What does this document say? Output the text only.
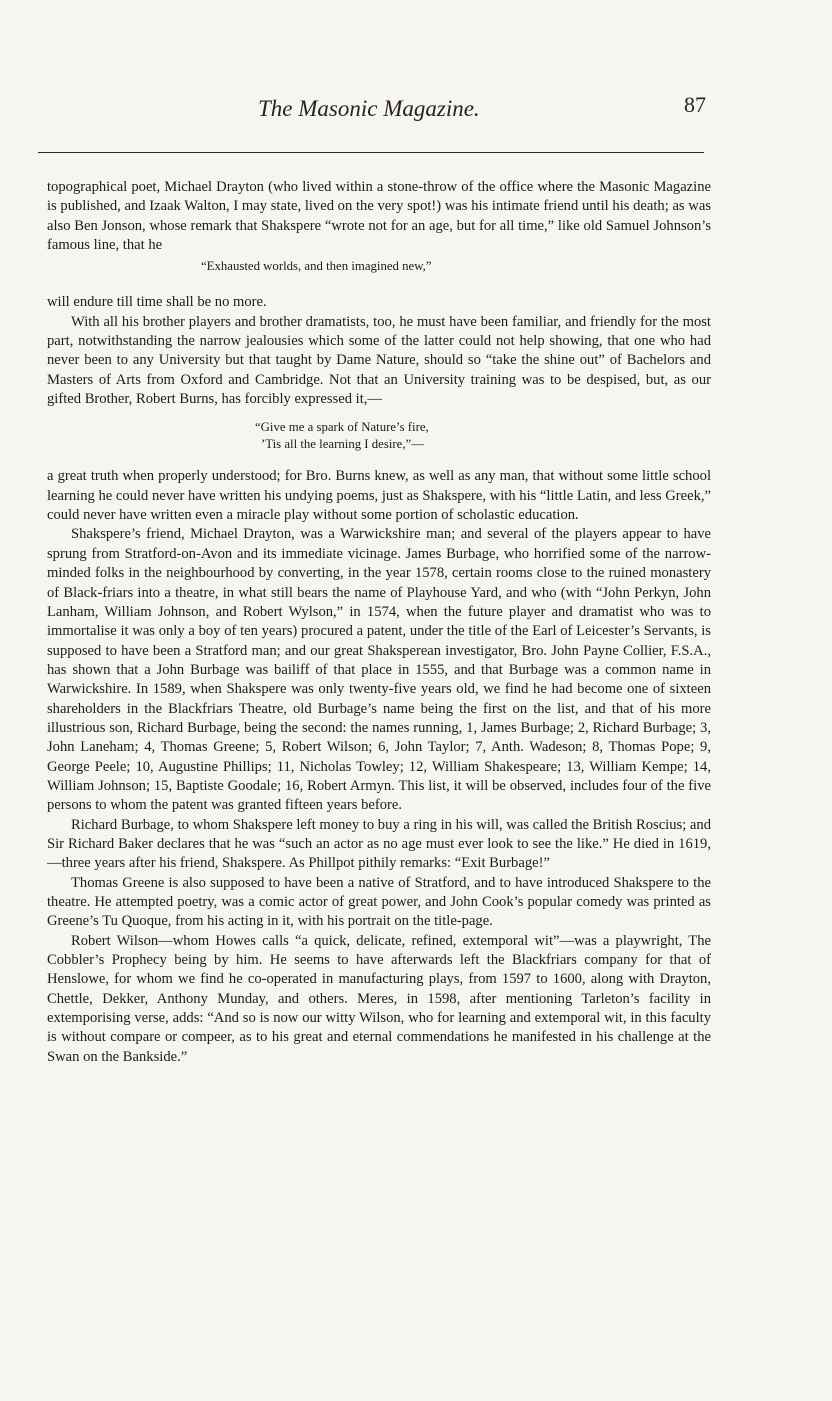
The Masonic Magazine.	87

topographical poet, Michael Drayton (who lived within a stone-throw of the office where the Masonic Magazine is published, and Izaak Walton, I may state, lived on the very spot!) was his intimate friend until his death; as was also Ben Jonson, whose remark that Shakspere “wrote not for an age, but for all time,” like old Samuel Johnson’s famous line, that he

“Exhausted worlds, and then imagined new,”

will endure till time shall be no more.

With all his brother players and brother dramatists, too, he must have been familiar, and friendly for the most part, notwithstanding the narrow jealousies which some of the latter could not help showing, that one who had never been to any University but that taught by Dame Nature, should so “take the shine out” of Bachelors and Masters of Arts from Oxford and Cambridge. Not that an University training was to be despised, but, as our gifted Brother, Robert Burns, has forcibly expressed it,—

“Give me a spark of Nature’s fire,
’Tis all the learning I desire,”—

a great truth when properly understood; for Bro. Burns knew, as well as any man, that without some little school learning he could never have written his undying poems, just as Shakspere, with his “little Latin, and less Greek,” could never have written even a miracle play without some portion of scholastic education.

Shakspere’s friend, Michael Drayton, was a Warwickshire man; and several of the players appear to have sprung from Stratford-on-Avon and its immediate vicinage. James Burbage, who horrified some of the narrow-minded folks in the neighbourhood by converting, in the year 1578, certain rooms close to the ruined monastery of Black-friars into a theatre, in what still bears the name of Playhouse Yard, and who (with “John Perkyn, John Lanham, William Johnson, and Robert Wylson,” in 1574, when the future player and dramatist who was to immortalise it was only a boy of ten years) procured a patent, under the title of the Earl of Leicester’s Servants, is supposed to have been a Stratford man; and our great Shaksperean investigator, Bro. John Payne Collier, F.S.A., has shown that a John Burbage was bailiff of that place in 1555, and that Burbage was a common name in Warwickshire. In 1589, when Shakspere was only twenty-five years old, we find he had become one of sixteen shareholders in the Blackfriars Theatre, old Burbage’s name being the first on the list, and that of his more illustrious son, Richard Burbage, being the second: the names running, 1, James Burbage; 2, Richard Burbage; 3, John Laneham; 4, Thomas Greene; 5, Robert Wilson; 6, John Taylor; 7, Anth. Wadeson; 8, Thomas Pope; 9, George Peele; 10, Augustine Phillips; 11, Nicholas Towley; 12, William Shakespeare; 13, William Kempe; 14, William Johnson; 15, Baptiste Goodale; 16, Robert Armyn. This list, it will be observed, includes four of the five persons to whom the patent was granted fifteen years before.

Richard Burbage, to whom Shakspere left money to buy a ring in his will, was called the British Roscius; and Sir Richard Baker declares that he was “such an actor as no age must ever look to see the like.” He died in 1619,—three years after his friend, Shakspere. As Phillpot pithily remarks: “Exit Burbage!”

Thomas Greene is also supposed to have been a native of Stratford, and to have introduced Shakspere to the theatre. He attempted poetry, was a comic actor of great power, and John Cook’s popular comedy was printed as Greene’s Tu Quoque, from his acting in it, with his portrait on the title-page.

Robert Wilson—whom Howes calls “a quick, delicate, refined, extemporal wit”—was a playwright, The Cobbler’s Prophecy being by him. He seems to have afterwards left the Blackfriars company for that of Henslowe, for whom we find he co-operated in manufacturing plays, from 1597 to 1600, along with Drayton, Chettle, Dekker, Anthony Munday, and others. Meres, in 1598, after mentioning Tarleton’s facility in extemporising verse, adds: “And so is now our witty Wilson, who for learning and extemporal wit, in this faculty is without compare or compeer, as to his great and eternal commendations he manifested in his challenge at the Swan on the Bankside.”
